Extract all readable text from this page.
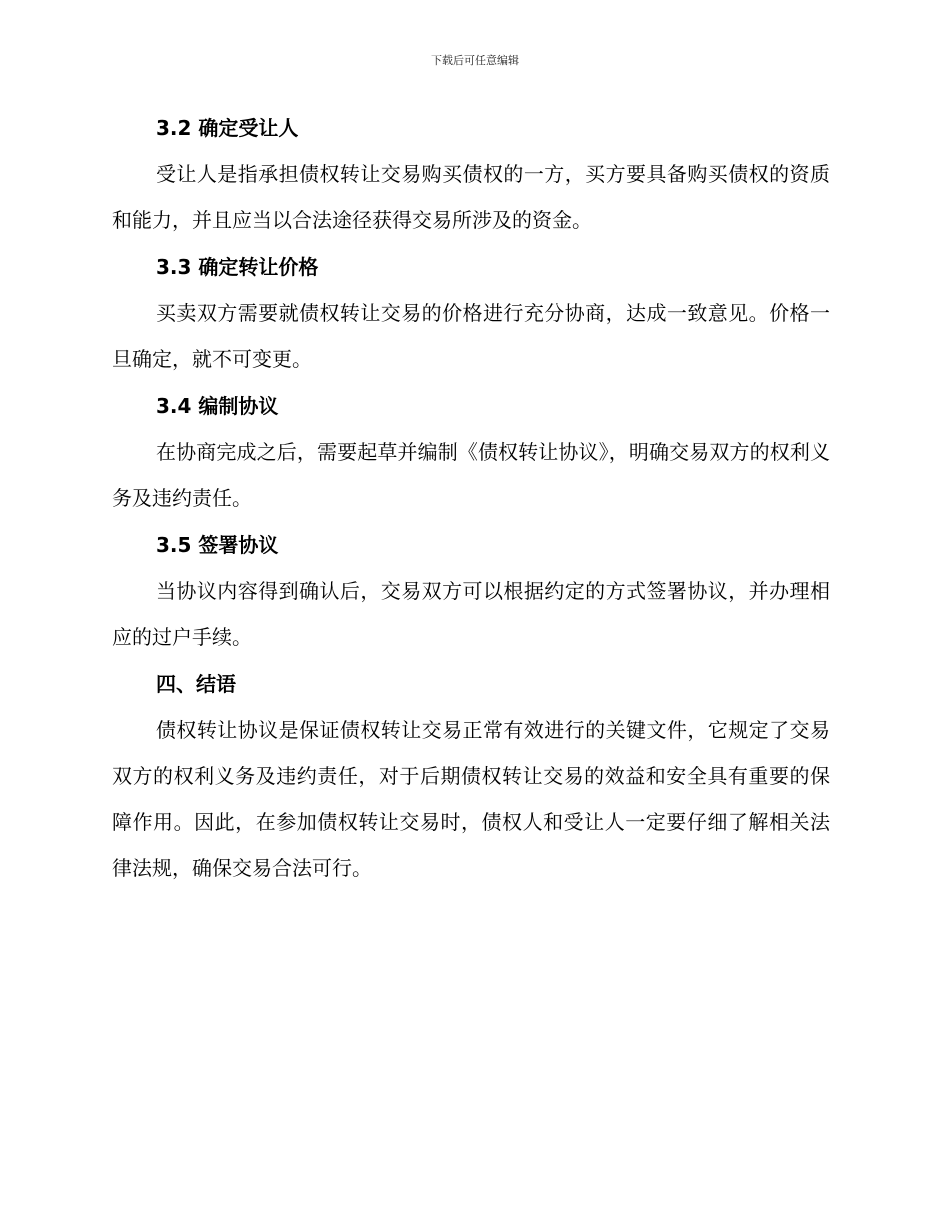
下载后可任意编辑
3.2 确定受让人

受让人是指承担债权转让交易购买债权的一方，买方要具备购买债权的资质和能力，并且应当以合法途径获得交易所涉及的资金。

3.3 确定转让价格

买卖双方需要就债权转让交易的价格进行充分协商，达成一致意见。价格一旦确定，就不可变更。

3.4 编制协议

在协商完成之后，需要起草并编制《债权转让协议》，明确交易双方的权利义务及违约责任。

3.5 签署协议

当协议内容得到确认后，交易双方可以根据约定的方式签署协议，并办理相应的过户手续。

四、结语

债权转让协议是保证债权转让交易正常有效进行的关键文件，它规定了交易双方的权利义务及违约责任，对于后期债权转让交易的效益和安全具有重要的保障作用。因此，在参加债权转让交易时，债权人和受让人一定要仔细了解相关法律法规，确保交易合法可行。
